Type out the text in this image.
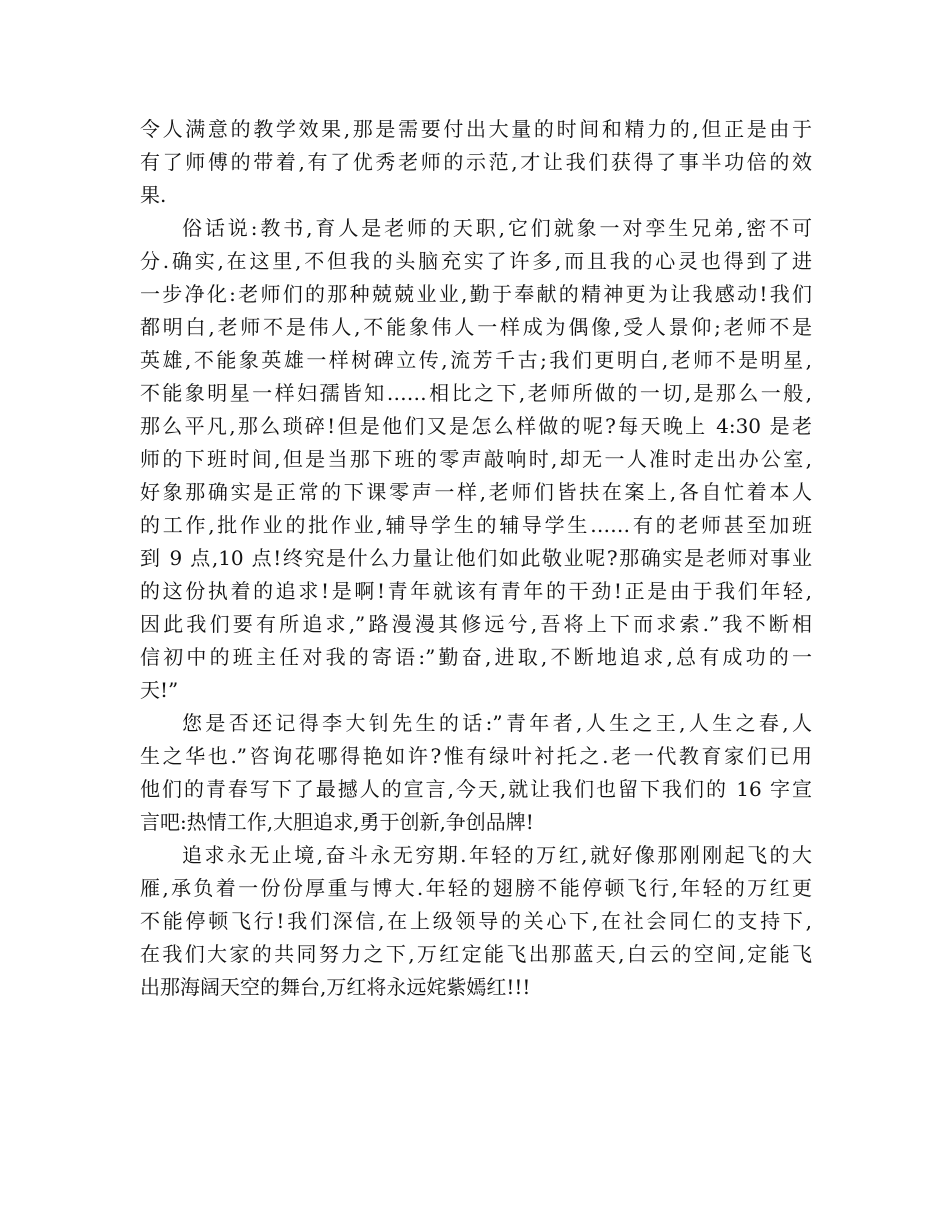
令人满意的教学效果,那是需要付出大量的时间和精力的,但正是由于
有了师傅的带着,有了优秀老师的示范,才让我们获得了事半功倍的效
果.
俗话说:教书,育人是老师的天职,它们就象一对孪生兄弟,密不可
分.确实,在这里,不但我的头脑充实了许多,而且我的心灵也得到了进
一步净化:老师们的那种兢兢业业,勤于奉献的精神更为让我感动!我们
都明白,老师不是伟人,不能象伟人一样成为偶像,受人景仰;老师不是
英雄,不能象英雄一样树碑立传,流芳千古;我们更明白,老师不是明星,
不能象明星一样妇孺皆知……相比之下,老师所做的一切,是那么一般,
那么平凡,那么琐碎!但是他们又是怎么样做的呢?每天晚上 4:30 是老
师的下班时间,但是当那下班的零声敲响时,却无一人准时走出办公室,
好象那确实是正常的下课零声一样,老师们皆扶在案上,各自忙着本人
的工作,批作业的批作业,辅导学生的辅导学生……有的老师甚至加班
到 9 点,10 点!终究是什么力量让他们如此敬业呢?那确实是老师对事业
的这份执着的追求!是啊!青年就该有青年的干劲!正是由于我们年轻,
因此我们要有所追求,”路漫漫其修远兮,吾将上下而求索.”我不断相
信初中的班主任对我的寄语:”勤奋,进取,不断地追求,总有成功的一
天!”
您是否还记得李大钊先生的话:”青年者,人生之王,人生之春,人
生之华也.”咨询花哪得艳如许?惟有绿叶衬托之.老一代教育家们已用
他们的青春写下了最撼人的宣言,今天,就让我们也留下我们的 16 字宣
言吧:热情工作,大胆追求,勇于创新,争创品牌!
追求永无止境,奋斗永无穷期.年轻的万红,就好像那刚刚起飞的大
雁,承负着一份份厚重与博大.年轻的翅膀不能停顿飞行,年轻的万红更
不能停顿飞行!我们深信,在上级领导的关心下,在社会同仁的支持下,
在我们大家的共同努力之下,万红定能飞出那蓝天,白云的空间,定能飞
出那海阔天空的舞台,万红将永远姹紫嫣红!!!
